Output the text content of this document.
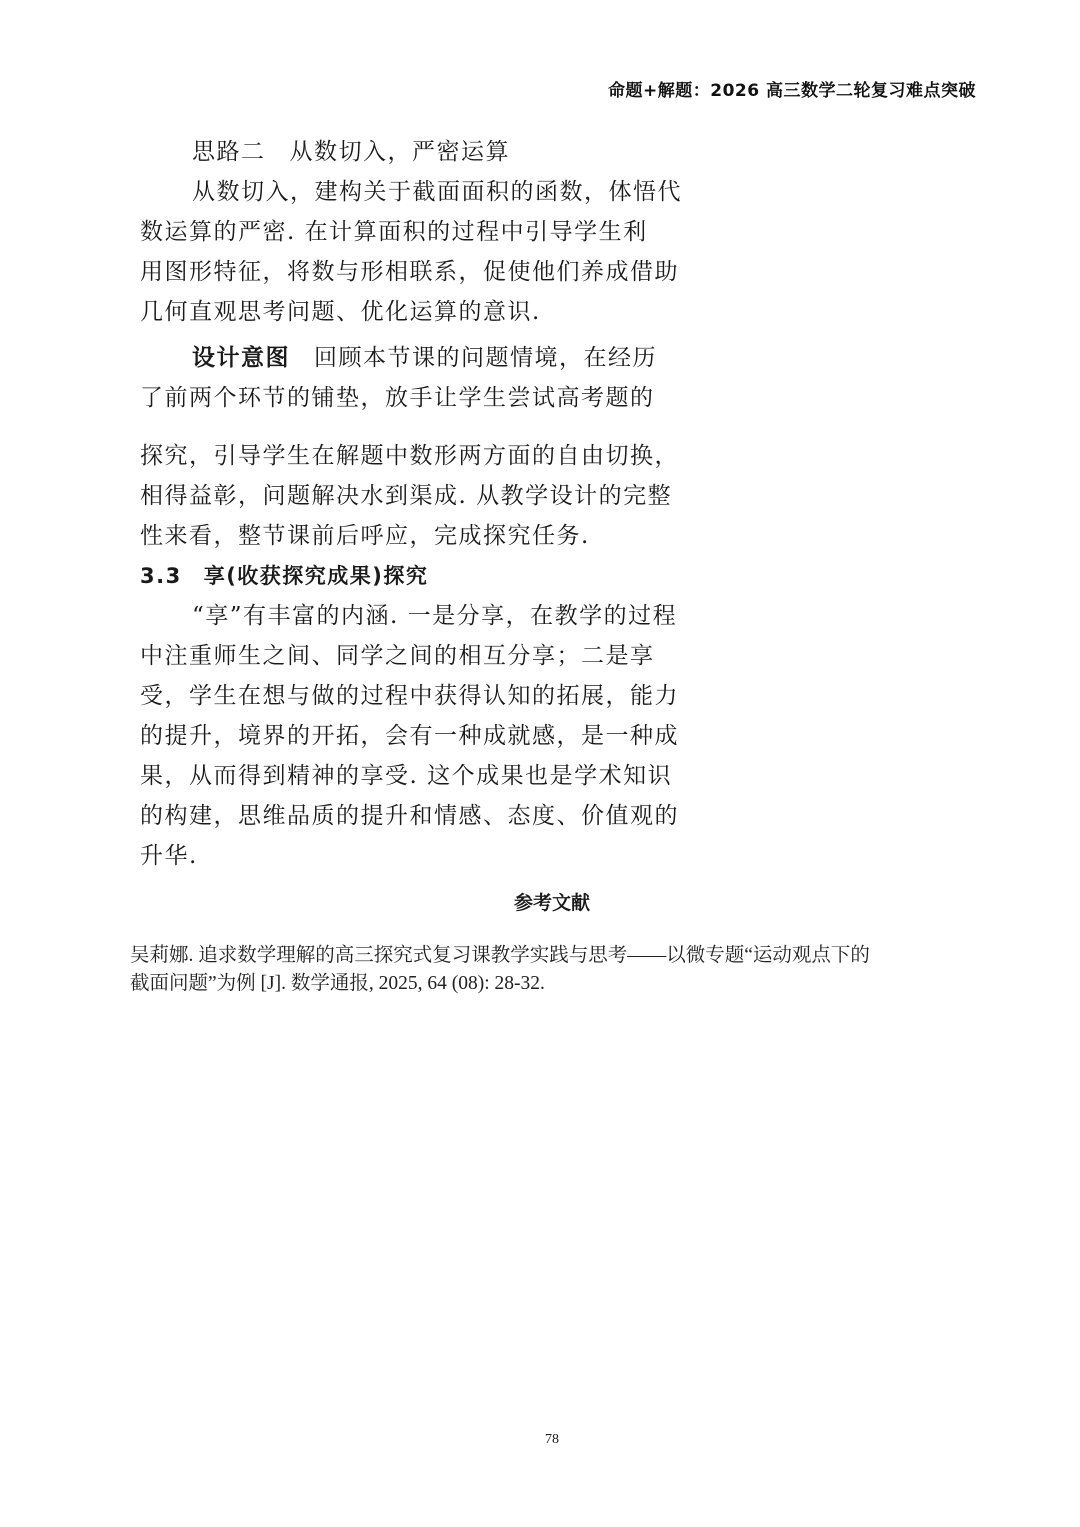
命题+解题：2026 高三数学二轮复习难点突破
思路二 从数切入，严密运算
从数切入，建构关于截面面积的函数，体悟代
数运算的严密. 在计算面积的过程中引导学生利
用图形特征，将数与形相联系，促使他们养成借助
几何直观思考问题、优化运算的意识.
设计意图 回顾本节课的问题情境，在经历
了前两个环节的铺垫，放手让学生尝试高考题的
探究，引导学生在解题中数形两方面的自由切换，
相得益彰，问题解决水到渠成. 从教学设计的完整
性来看，整节课前后呼应，完成探究任务.
3.3 享(收获探究成果)探究
“享”有丰富的内涵. 一是分享，在教学的过程
中注重师生之间、同学之间的相互分享；二是享
受，学生在想与做的过程中获得认知的拓展，能力
的提升，境界的开拓，会有一种成就感，是一种成
果，从而得到精神的享受. 这个成果也是学术知识
的构建，思维品质的提升和情感、态度、价值观的
升华.
参考文献
吴莉娜. 追求数学理解的高三探究式复习课教学实践与思考——以微专题“运动观点下的
截面问题”为例 [J]. 数学通报, 2025, 64 (08): 28-32.
78
